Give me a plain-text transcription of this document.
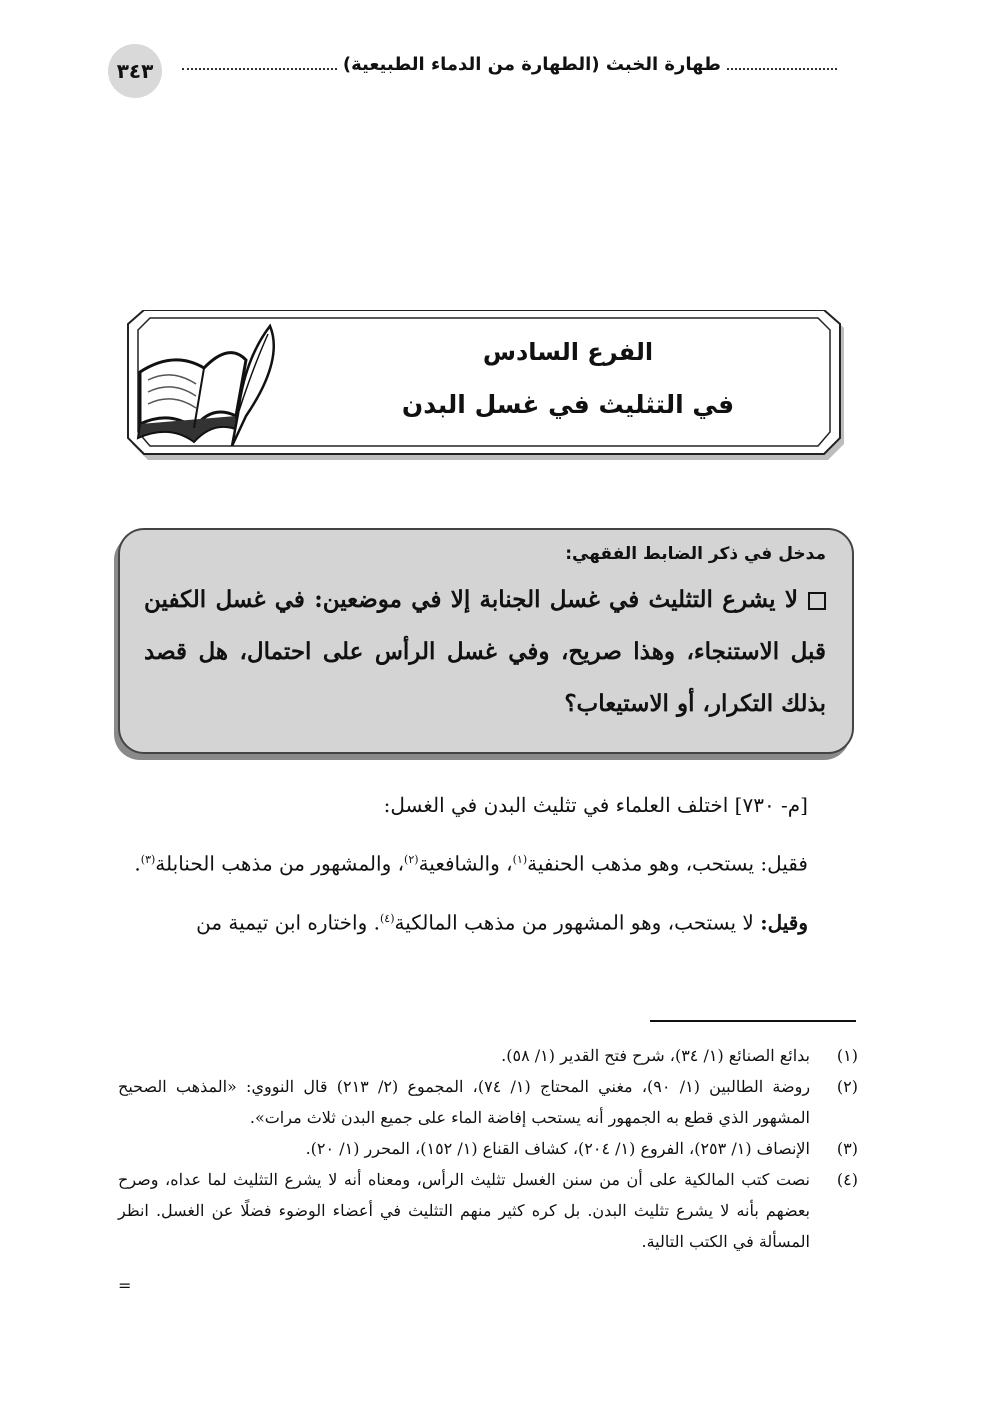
طهارة الخبث (الطهارة من الدماء الطبيعية)
٣٤٣
الفرع السادس
في التثليث في غسل البدن
مدخل في ذكر الضابط الفقهي:
لا يشرع التثليث في غسل الجنابة إلا في موضعين: في غسل الكفين قبل الاستنجاء، وهذا صريح، وفي غسل الرأس على احتمال، هل قصد بذلك التكرار، أو الاستيعاب؟

[م- ٧٣٠] اختلف العلماء في تثليث البدن في الغسل:

فقيل: يستحب، وهو مذهب الحنفية$^{(١)}$، والشافعية$^{(٢)}$، والمشهور من مذهب الحنابلة$^{(٣)}$.

وقيل: لا يستحب، وهو المشهور من مذهب المالكية$^{(٤)}$. واختاره ابن تيمية من

(١)
بدائع الصنائع (١/ ٣٤)، شرح فتح القدير (١/ ٥٨).
(٢)
روضة الطالبين (١/ ٩٠)، مغني المحتاج (١/ ٧٤)، المجموع (٢/ ٢١٣) قال النووي: «المذهب الصحيح المشهور الذي قطع به الجمهور أنه يستحب إفاضة الماء على جميع البدن ثلاث مرات».
(٣)
الإنصاف (١/ ٢٥٣)، الفروع (١/ ٢٠٤)، كشاف القناع (١/ ١٥٢)، المحرر (١/ ٢٠).
(٤)
نصت كتب المالكية على أن من سنن الغسل تثليث الرأس، ومعناه أنه لا يشرع التثليث لما عداه، وصرح بعضهم بأنه لا يشرع تثليث البدن. بل كره كثير منهم التثليث في أعضاء الوضوء فضلًا عن الغسل. انظر المسألة في الكتب التالية.
=
